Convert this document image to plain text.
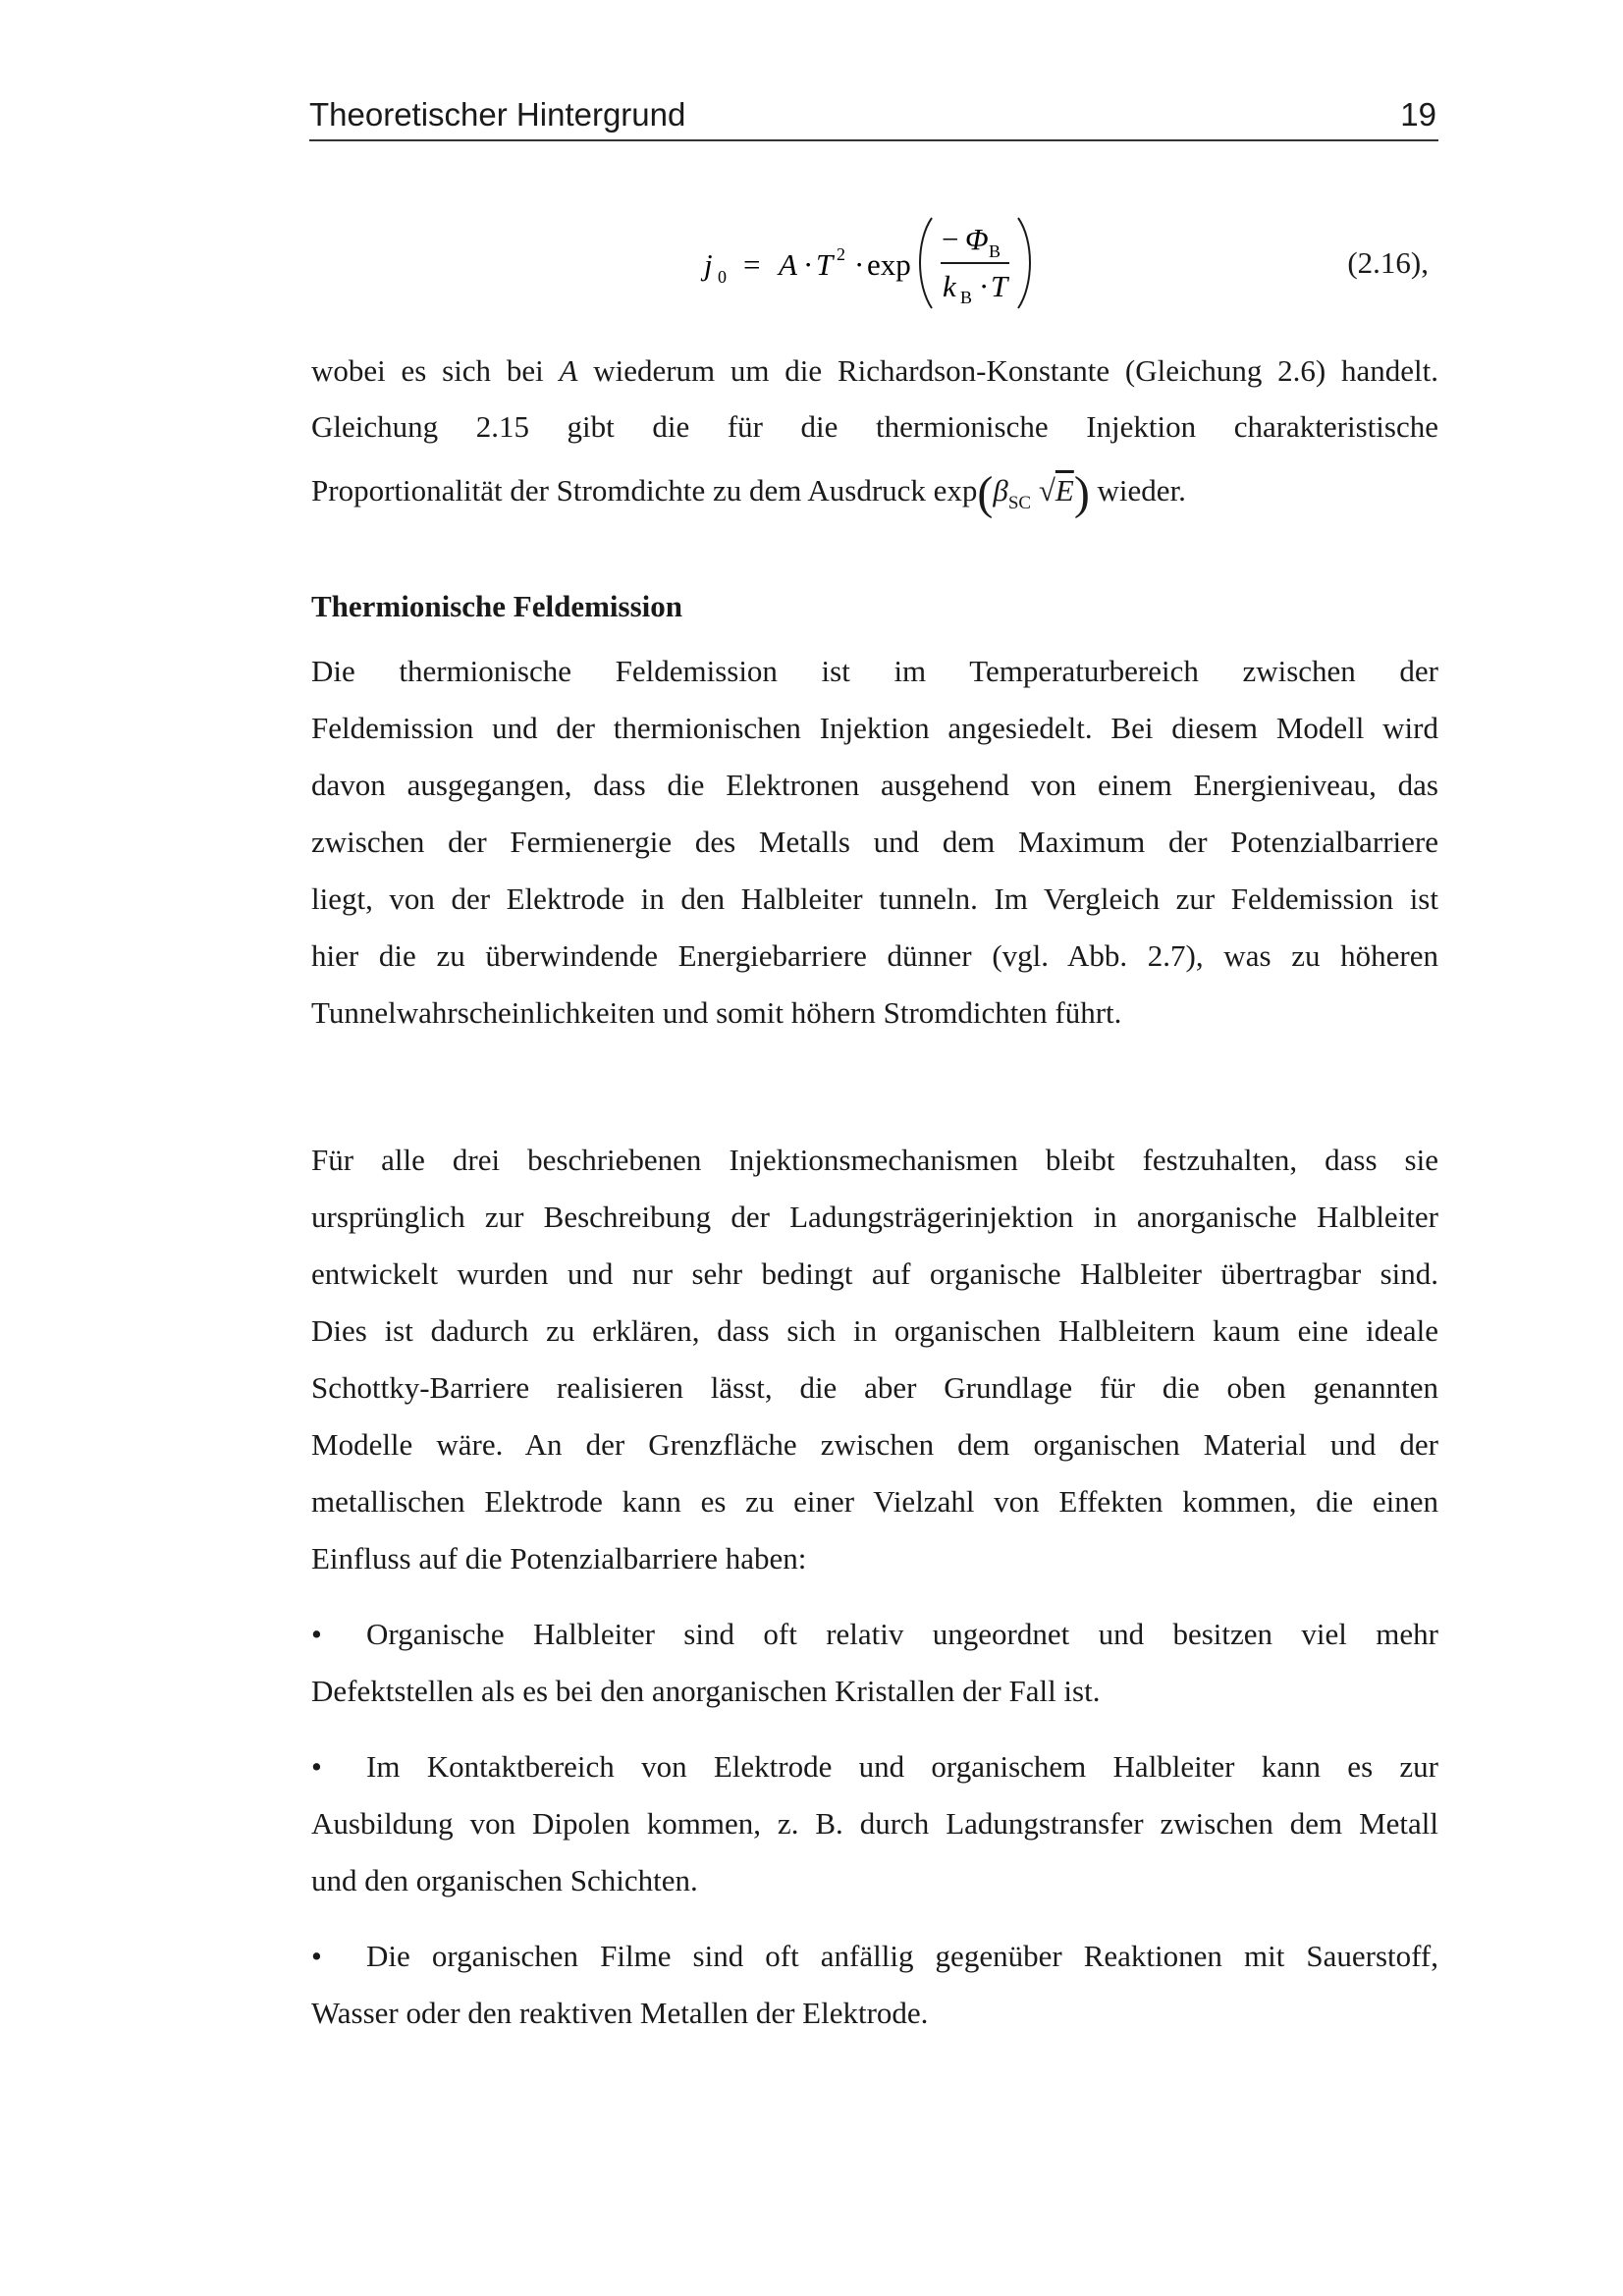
Theoretischer Hintergrund	19
j 0 = A · T 2 · exp
− Φ B
k B · T
(2.16),
wobei es sich bei A wiederum um die Richardson-Konstante (Gleichung 2.6) handelt.
Gleichung 2.15 gibt die für die thermionische Injektion charakteristische
Proportionalität der Stromdichte zu dem Ausdruck $\exp(\beta_{SC}$ √E) wieder.
Thermionische Feldemission
Die thermionische Feldemission ist im Temperaturbereich zwischen der
Feldemission und der thermionischen Injektion angesiedelt. Bei diesem Modell wird
davon ausgegangen, dass die Elektronen ausgehend von einem Energieniveau, das
zwischen der Fermienergie des Metalls und dem Maximum der Potenzialbarriere
liegt, von der Elektrode in den Halbleiter tunneln. Im Vergleich zur Feldemission ist
hier die zu überwindende Energiebarriere dünner (vgl. Abb. 2.7), was zu höheren
Tunnelwahrscheinlichkeiten und somit höhern Stromdichten führt.
Für alle drei beschriebenen Injektionsmechanismen bleibt festzuhalten, dass sie
ursprünglich zur Beschreibung der Ladungsträgerinjektion in anorganische Halbleiter
entwickelt wurden und nur sehr bedingt auf organische Halbleiter übertragbar sind.
Dies ist dadurch zu erklären, dass sich in organischen Halbleitern kaum eine ideale
Schottky-Barriere realisieren lässt, die aber Grundlage für die oben genannten
Modelle wäre. An der Grenzfläche zwischen dem organischen Material und der
metallischen Elektrode kann es zu einer Vielzahl von Effekten kommen, die einen
Einfluss auf die Potenzialbarriere haben:
• Organische Halbleiter sind oft relativ ungeordnet und besitzen viel mehr
Defektstellen als es bei den anorganischen Kristallen der Fall ist.
• Im Kontaktbereich von Elektrode und organischem Halbleiter kann es zur
Ausbildung von Dipolen kommen, z. B. durch Ladungstransfer zwischen dem Metall
und den organischen Schichten.
• Die organischen Filme sind oft anfällig gegenüber Reaktionen mit Sauerstoff,
Wasser oder den reaktiven Metallen der Elektrode.
